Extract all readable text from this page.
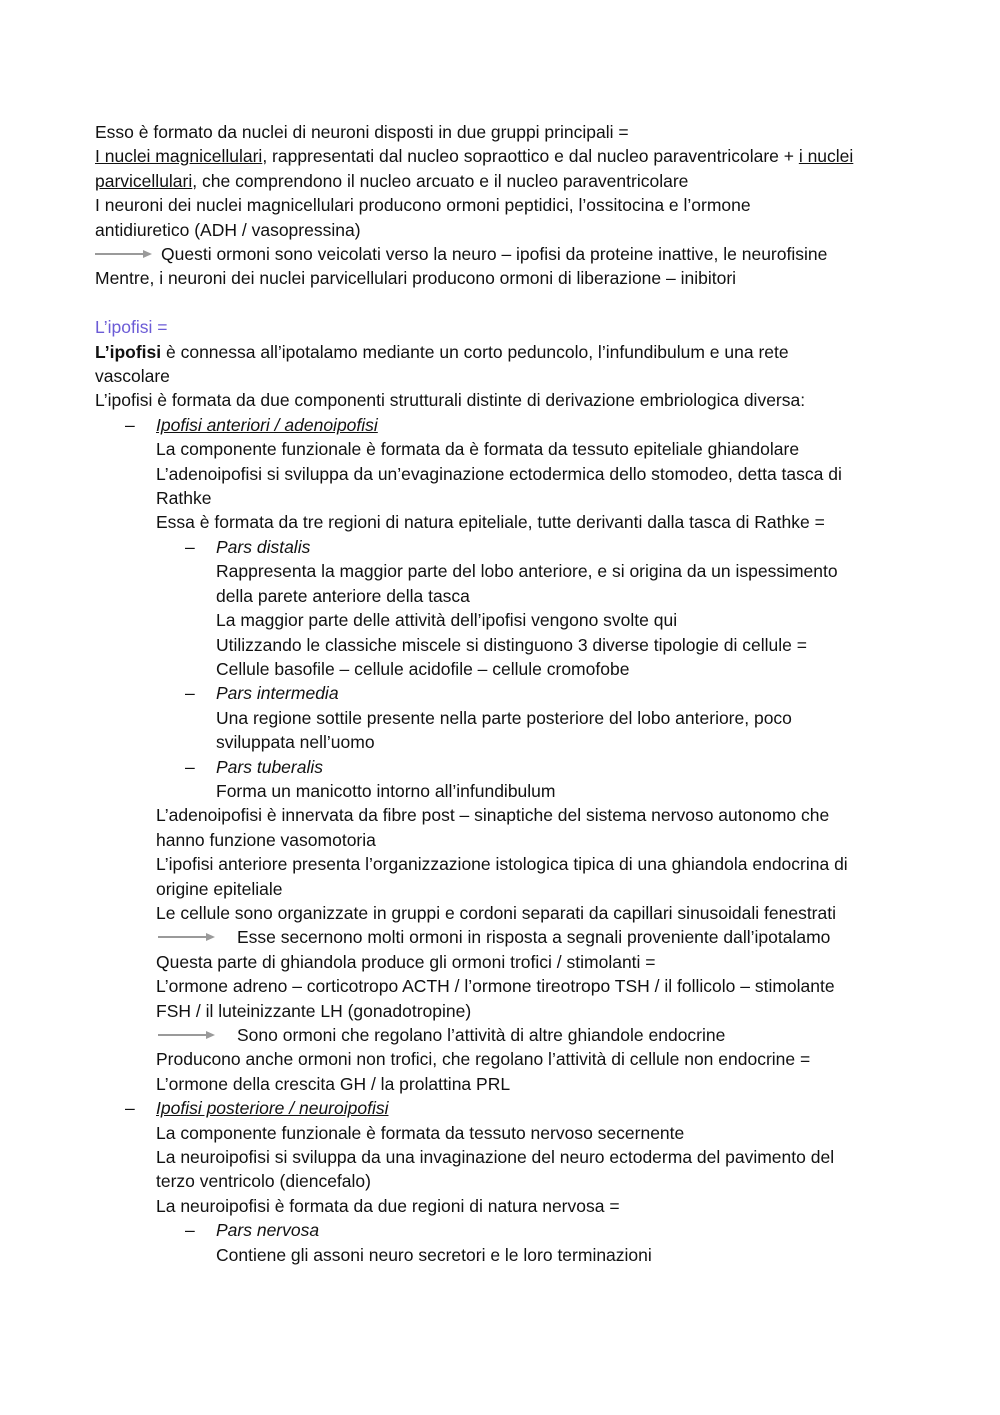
Esso è formato da nuclei di neuroni disposti in due gruppi principali =
I nuclei magnicellulari, rappresentati dal nucleo sopraottico e dal nucleo paraventricolare + i nuclei
parvicellulari, che comprendono il nucleo arcuato e il nucleo paraventricolare
I neuroni dei nuclei magnicellulari producono ormoni peptidici, l’ossitocina e l’ormone
antidiuretico (ADH / vasopressina)
Questi ormoni sono veicolati verso la neuro – ipofisi da proteine inattive, le neurofisine
Mentre, i neuroni dei nuclei parvicellulari producono ormoni di liberazione – inibitori
L’ipofisi =
L’ipofisi è connessa all’ipotalamo mediante un corto peduncolo, l’infundibulum e una rete
vascolare
L’ipofisi è formata da due componenti strutturali distinte di derivazione embriologica diversa:
– Ipofisi anteriori / adenoipofisi
La componente funzionale è formata da è formata da tessuto epiteliale ghiandolare
L’adenoipofisi si sviluppa da un’evaginazione ectodermica dello stomodeo, detta tasca di
Rathke
Essa è formata da tre regioni di natura epiteliale, tutte derivanti dalla tasca di Rathke =
– Pars distalis
Rappresenta la maggior parte del lobo anteriore, e si origina da un ispessimento
della parete anteriore della tasca
La maggior parte delle attività dell’ipofisi vengono svolte qui
Utilizzando le classiche miscele si distinguono 3 diverse tipologie di cellule =
Cellule basofile – cellule acidofile – cellule cromofobe
– Pars intermedia
Una regione sottile presente nella parte posteriore del lobo anteriore, poco
sviluppata nell’uomo
– Pars tuberalis
Forma un manicotto intorno all’infundibulum
L’adenoipofisi è innervata da fibre post – sinaptiche del sistema nervoso autonomo che
hanno funzione vasomotoria
L’ipofisi anteriore presenta l’organizzazione istologica tipica di una ghiandola endocrina di
origine epiteliale
Le cellule sono organizzate in gruppi e cordoni separati da capillari sinusoidali fenestrati
Esse secernono molti ormoni in risposta a segnali proveniente dall’ipotalamo
Questa parte di ghiandola produce gli ormoni trofici / stimolanti =
L’ormone adreno – corticotropo ACTH / l’ormone tireotropo TSH / il follicolo – stimolante
FSH / il luteinizzante LH (gonadotropine)
Sono ormoni che regolano l’attività di altre ghiandole endocrine
Producono anche ormoni non trofici, che regolano l’attività di cellule non endocrine =
L’ormone della crescita GH / la prolattina PRL
– Ipofisi posteriore / neuroipofisi
La componente funzionale è formata da tessuto nervoso secernente
La neuroipofisi si sviluppa da una invaginazione del neuro ectoderma del pavimento del
terzo ventricolo (diencefalo)
La neuroipofisi è formata da due regioni di natura nervosa =
– Pars nervosa
Contiene gli assoni neuro secretori e le loro terminazioni
